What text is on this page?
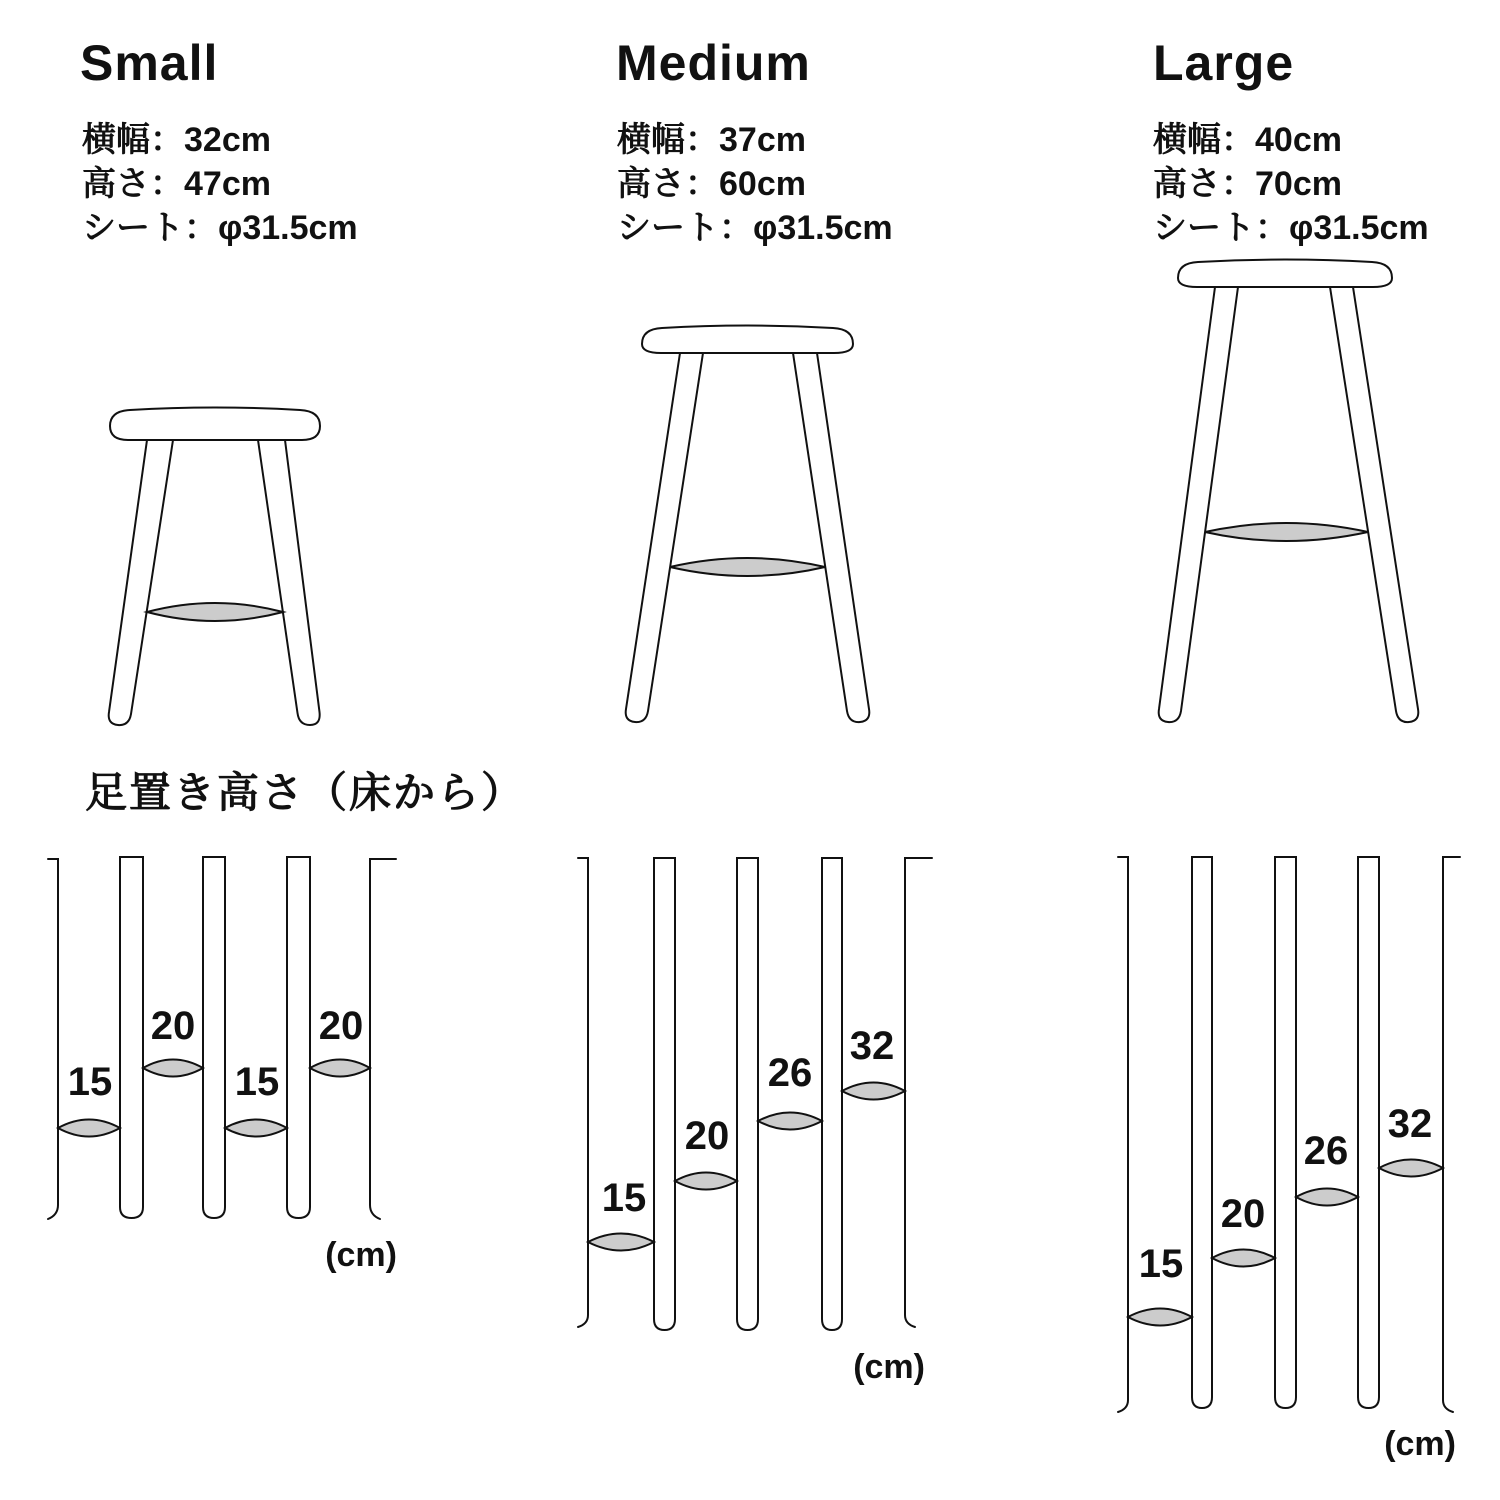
Small
横幅：32cm
高さ：47cm
シート：φ31.5cm
Medium
横幅：37cm
高さ：60cm
シート：φ31.5cm
Large
横幅：40cm
高さ：70cm
シート：φ31.5cm
足置き高さ（床から）
15
20
15
20
(cm)
15
20
26
32
(cm)
15
20
26
32
(cm)
